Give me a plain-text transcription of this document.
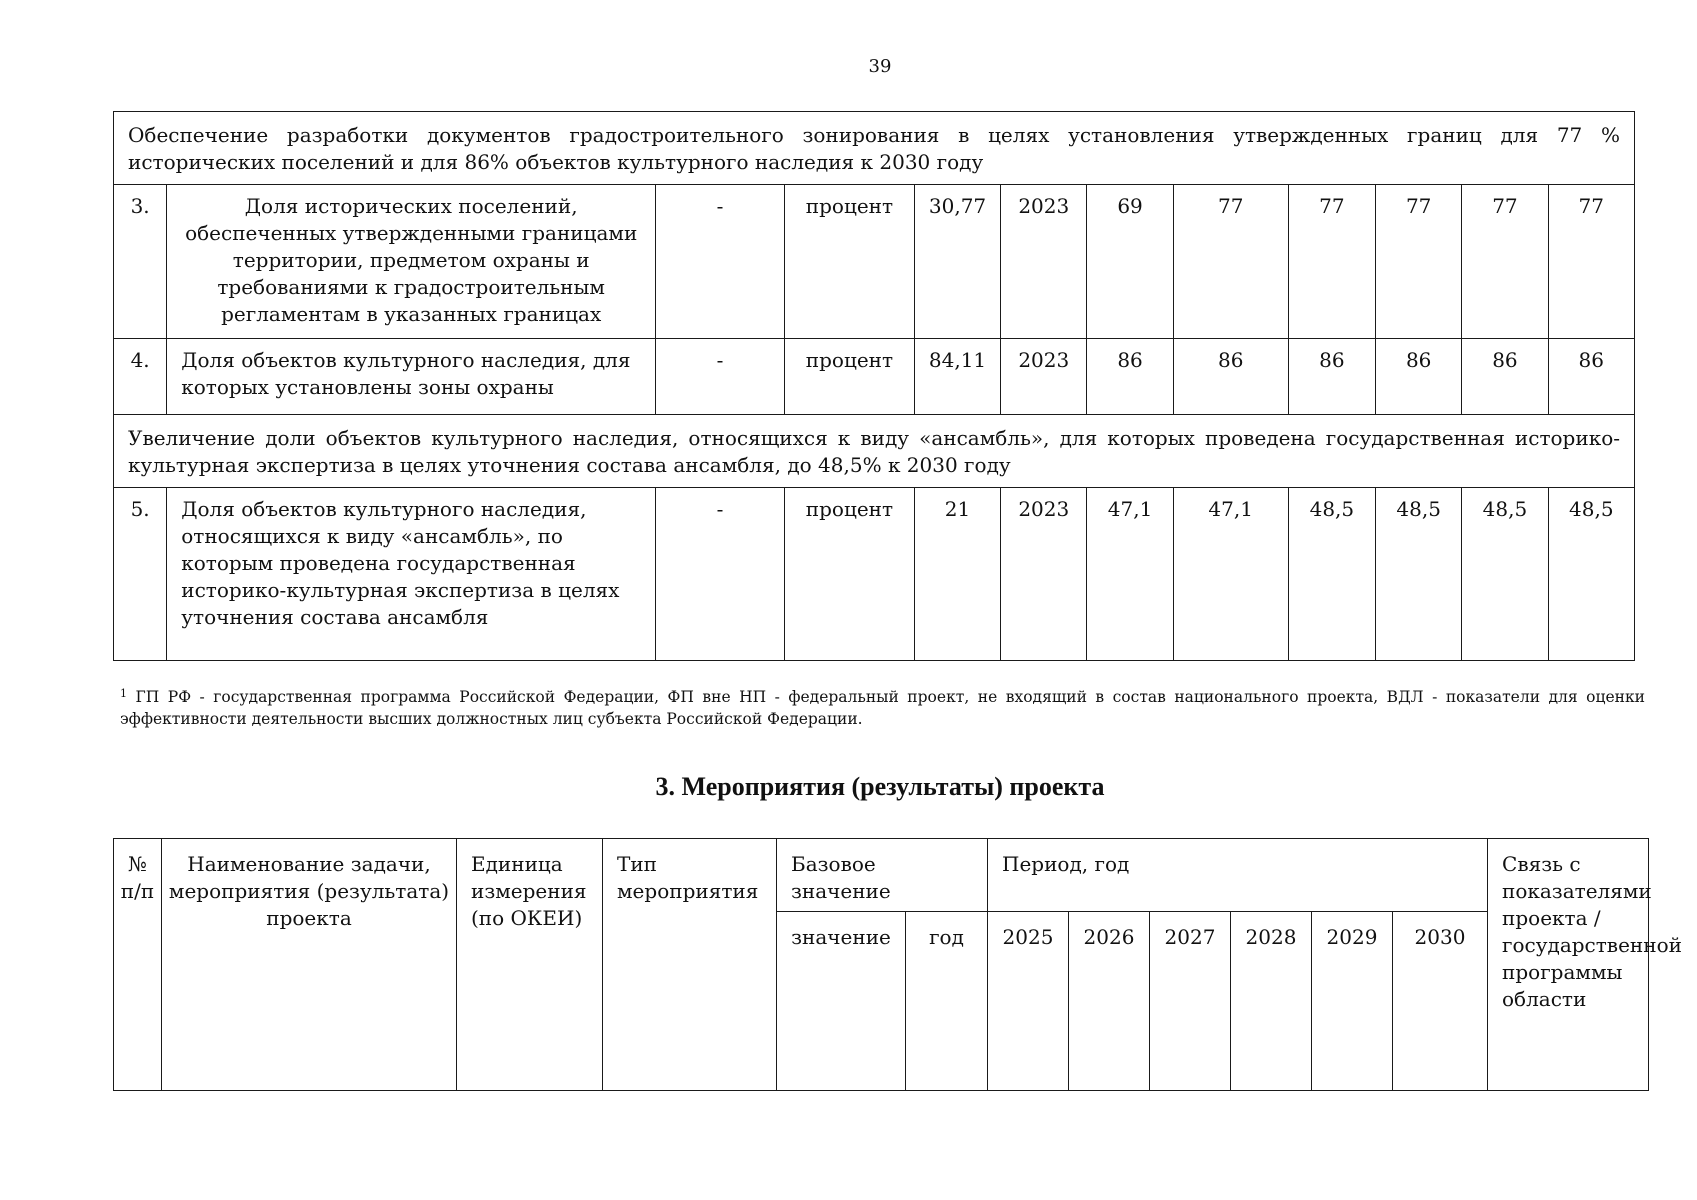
39
Обеспечение разработки документов градостроительного зонирования в целях установления утвержденных границ для 77 % исторических поселений и для 86% объектов культурного наследия к 2030 году											
3.	Доля исторических поселений, обеспеченных утвержденными границами территории, предметом охраны и требованиями к градостроительным регламентам в указанных границах	-	процент	30,77	2023	69	77	77	77	77	77
4.	Доля объектов культурного наследия, для которых установлены зоны охраны	-	процент	84,11	2023	86	86	86	86	86	86
Увеличение доли объектов культурного наследия, относящихся к виду «ансамбль», для которых проведена государственная историко-культурная экспертиза в целях уточнения состава ансамбля, до 48,5% к 2030 году											
5.	Доля объектов культурного наследия, относящихся к виду «ансамбль», по которым проведена государственная историко-культурная экспертиза в целях уточнения состава ансамбля	-	процент	21	2023	47,1	47,1	48,5	48,5	48,5	48,5
$^1$ ГП РФ - государственная программа Российской Федерации, ФП вне НП - федеральный проект, не входящий в состав национального проекта, ВДЛ - показатели для оценки эффективности деятельности высших должностных лиц субъекта Российской Федерации.
3. Мероприятия (результаты) проекта
№ п/п	Наименование задачи, мероприятия (результата) проекта	Единица измерения (по ОКЕИ)	Тип мероприятия	Базовое значение		Период, год						Связь с показателями проекта / государственной программы области
				значение	год	2025	2026	2027	2028	2029	2030	
